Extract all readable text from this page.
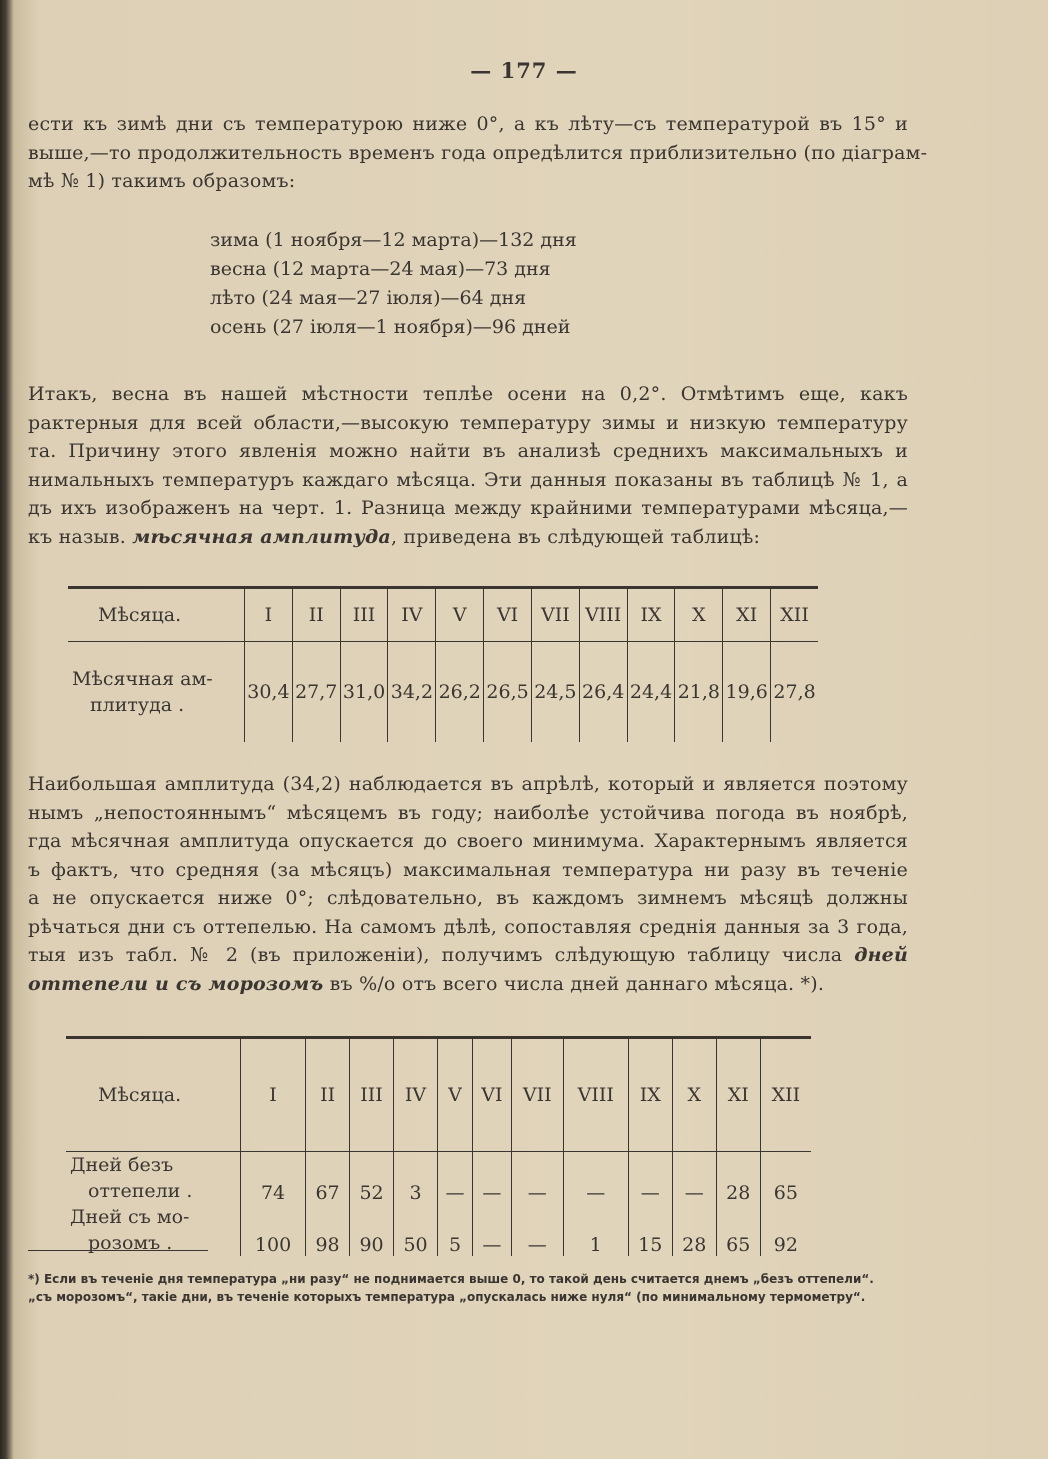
— 177 —
ести къ зимѣ дни съ температурою ниже 0°, а къ лѣту—съ температурой въ 15° и
выше,—то продолжительность временъ года опредѣлится приблизительно (по діаграм-
мѣ № 1) такимъ образомъ:
зима (1 ноября—12 марта)—132 дня
весна (12 марта—24 мая)—73 дня
лѣто (24 мая—27 іюля)—64 дня
осень (27 іюля—1 ноября)—96 дней
Итакъ, весна въ нашей мѣстности теплѣе осени на 0,2°. Отмѣтимъ еще, какъ
рактерныя для всей области,—высокую температуру зимы и низкую температуру
та. Причину этого явленія можно найти въ анализѣ среднихъ максимальныхъ и
нимальныхъ температуръ каждаго мѣсяца. Эти данныя показаны въ таблицѣ № 1, а
дъ ихъ изображенъ на черт. 1. Разница между крайними температурами мѣсяца,—
къ назыв. мѣсячная амплитуда, приведена въ слѣдующей таблицѣ:
Мѣсяца.	I	II	III	IV	V	VI	VII	VIII	IX	X	XI	XII
Мѣсячная ам-
плитуда .	30,4	27,7	31,0	34,2	26,2	26,5	24,5	26,4	24,4	21,8	19,6	27,8
Наибольшая амплитуда (34,2) наблюдается въ апрѣлѣ, который и является поэтому
нымъ „непостояннымъ“ мѣсяцемъ въ году; наиболѣе устойчива погода въ ноябрѣ,
гда мѣсячная амплитуда опускается до своего минимума. Характернымъ является
ъ фактъ, что средняя (за мѣсяцъ) максимальная температура ни разу въ теченіе
а не опускается ниже 0°; слѣдовательно, въ каждомъ зимнемъ мѣсяцѣ должны
рѣчаться дни съ оттепелью. На самомъ дѣлѣ, сопоставляя среднія данныя за 3 года,
тыя изъ табл. № 2 (въ приложеніи), получимъ слѣдующую таблицу числа дней
оттепели и съ морозомъ въ %/о отъ всего числа дней даннаго мѣсяца. *).
Мѣсяца.	I	II	III	IV	V	VI	VII	VIII	IX	X	XI	XII
Дней безъ
оттепели .	74	67	52	3	—	—	—	—	—	—	28	65
Дней съ мо-
розомъ .	100	98	90	50	5	—	—	1	15	28	65	92
*) Если въ теченіе дня температура „ни разу“ не поднимается выше 0, то такой день считается днемъ „безъ оттепели“.
„съ морозомъ“, такіе дни, въ теченіе которыхъ температура „опускалась ниже нуля“ (по минимальному термометру“.
